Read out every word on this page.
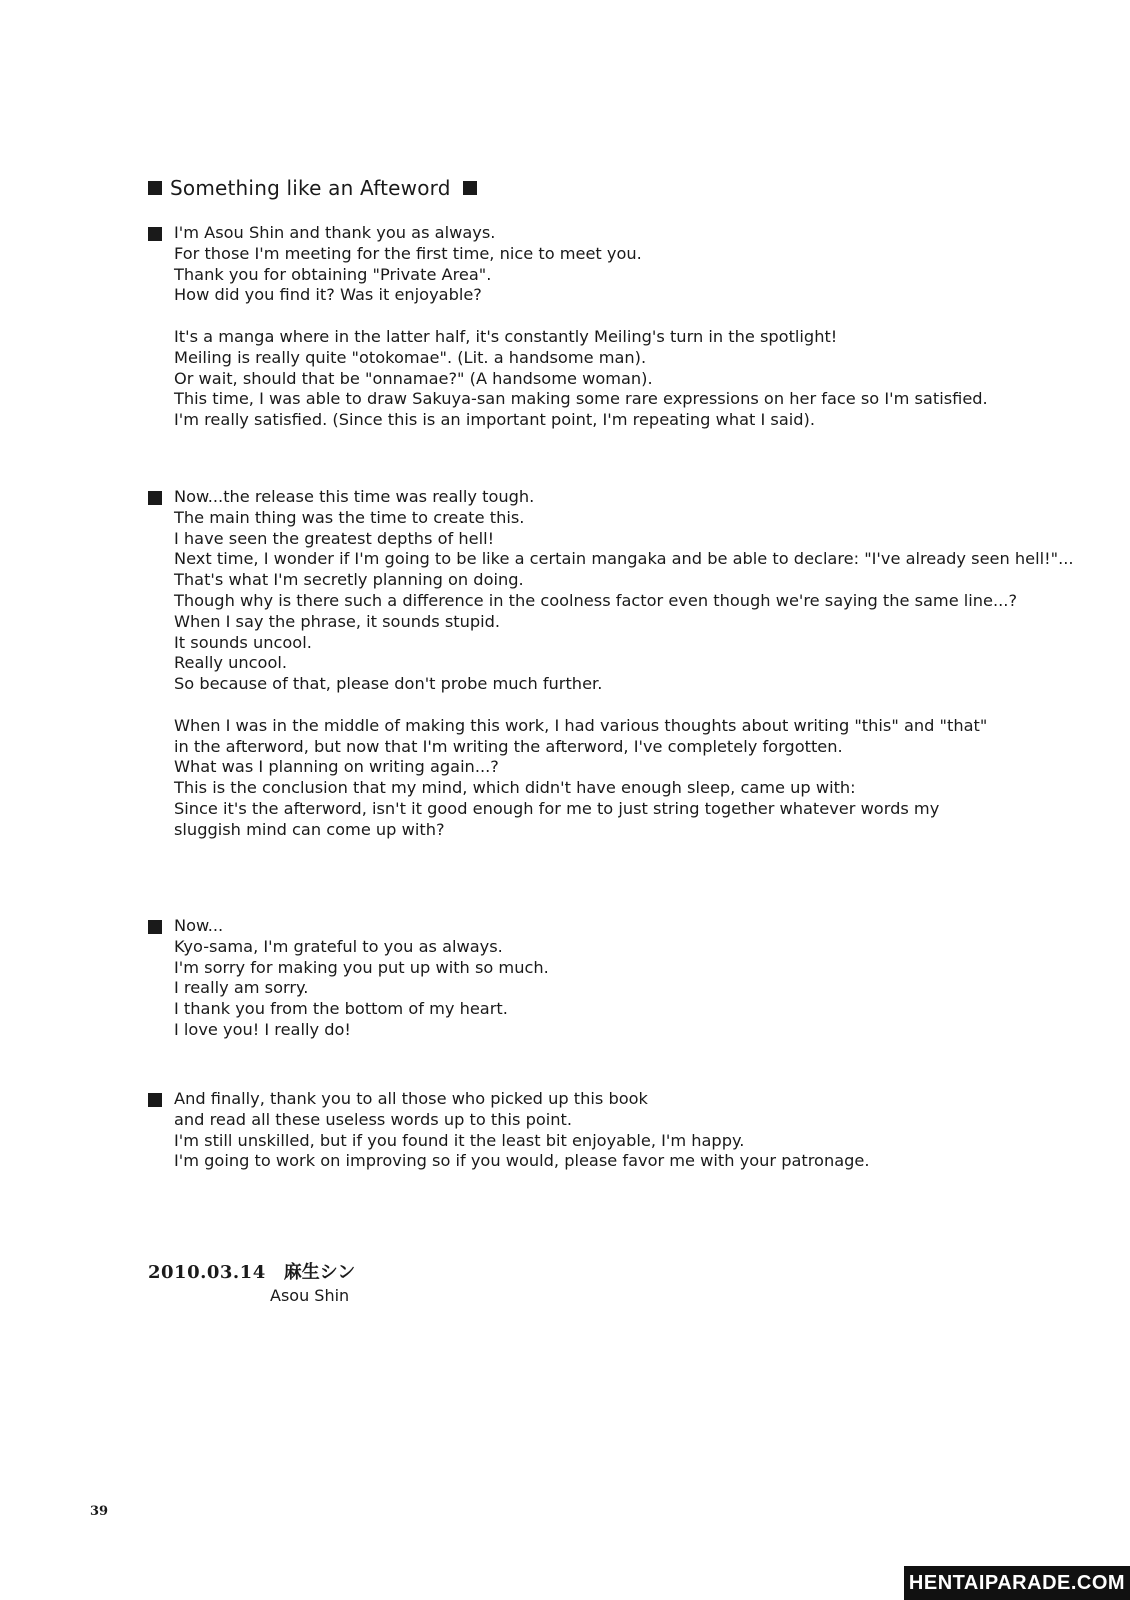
Something like an Afteword
I'm Asou Shin and thank you as always.
For those I'm meeting for the first time, nice to meet you.
Thank you for obtaining "Private Area".
How did you find it? Was it enjoyable?
It's a manga where in the latter half, it's constantly Meiling's turn in the spotlight!
Meiling is really quite "otokomae". (Lit. a handsome man).
Or wait, should that be "onnamae?" (A handsome woman).
This time, I was able to draw Sakuya-san making some rare expressions on her face so I'm satisfied.
I'm really satisfied. (Since this is an important point, I'm repeating what I said).
Now...the release this time was really tough.
The main thing was the time to create this.
I have seen the greatest depths of hell!
Next time, I wonder if I'm going to be like a certain mangaka and be able to declare: "I've already seen hell!"...
That's what I'm secretly planning on doing.
Though why is there such a difference in the coolness factor even though we're saying the same line...?
When I say the phrase, it sounds stupid.
It sounds uncool.
Really uncool.
So because of that, please don't probe much further.
When I was in the middle of making this work, I had various thoughts about writing "this" and "that"
in the afterword, but now that I'm writing the afterword, I've completely forgotten.
What was I planning on writing again...?
This is the conclusion that my mind, which didn't have enough sleep, came up with:
Since it's the afterword, isn't it good enough for me to just string together whatever words my
sluggish mind can come up with?
Now...
Kyo-sama, I'm grateful to you as always.
I'm sorry for making you put up with so much.
I really am sorry.
I thank you from the bottom of my heart.
I love you! I really do!
And finally, thank you to all those who picked up this book
and read all these useless words up to this point.
I'm still unskilled, but if you found it the least bit enjoyable, I'm happy.
I'm going to work on improving so if you would, please favor me with your patronage.
2010.03.14 麻生シン
Asou Shin
39
HENTAIPARADE.COM
